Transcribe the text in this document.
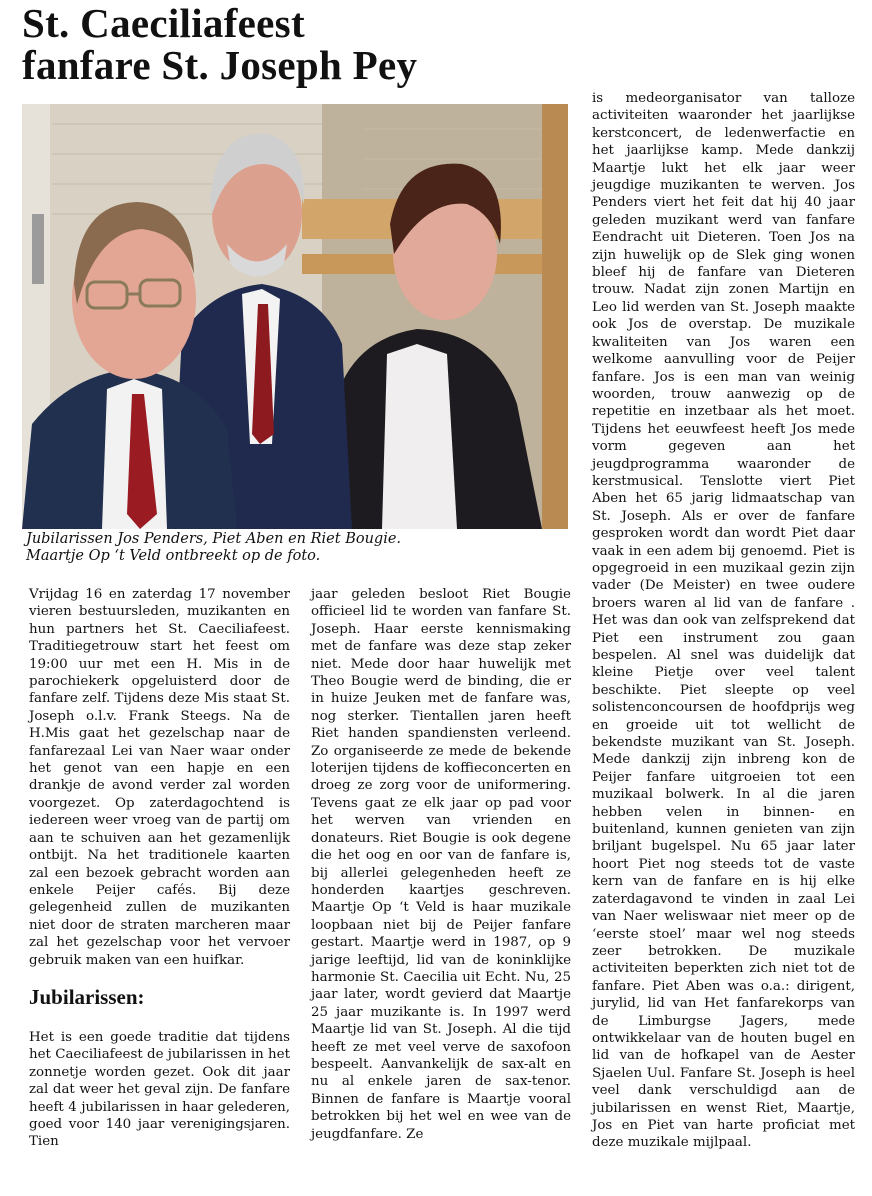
St. Caeciliafeest
fanfare St. Joseph Pey
Jubilarissen Jos Penders, Piet Aben en Riet Bougie.
Maartje Op ‘t Veld ontbreekt op de foto.

Vrijdag 16 en zaterdag 17 november vieren bestuursleden, muzikanten en hun partners het St. Caeciliafeest. Traditiegetrouw start het feest om 19:00 uur met een H. Mis in de parochiekerk opgeluisterd door de fanfare zelf. Tijdens deze Mis staat St. Joseph o.l.v. Frank Steegs. Na de H.Mis gaat het gezelschap naar de fanfarezaal Lei van Naer waar onder het genot van een hapje en een drankje de avond verder zal worden voorgezet. Op zaterdagochtend is iedereen weer vroeg van de partij om aan te schuiven aan het gezamenlijk ontbijt. Na het traditionele kaarten zal een bezoek gebracht worden aan enkele Peijer cafés. Bij deze gelegenheid zullen de muzikanten niet door de straten marcheren maar zal het gezelschap voor het vervoer gebruik maken van een huifkar.

Jubilarissen:

Het is een goede traditie dat tijdens het Caeciliafeest de jubilarissen in het zonnetje worden gezet. Ook dit jaar zal dat weer het geval zijn. De fanfare heeft 4 jubilarissen in haar gelederen, goed voor 140 jaar verenigingsjaren. Tien

jaar geleden besloot Riet Bougie officieel lid te worden van fanfare St. Joseph. Haar eerste kennismaking met de fanfare was deze stap zeker niet. Mede door haar huwelijk met Theo Bougie werd de binding, die er in huize Jeuken met de fanfare was, nog sterker. Tientallen jaren heeft Riet handen spandiensten verleend. Zo organiseerde ze mede de bekende loterijen tijdens de koffieconcerten en droeg ze zorg voor de uniformering. Tevens gaat ze elk jaar op pad voor het werven van vrienden en donateurs. Riet Bougie is ook degene die het oog en oor van de fanfare is, bij allerlei gelegenheden heeft ze honderden kaartjes geschreven. Maartje Op ‘t Veld is haar muzikale loopbaan niet bij de Peijer fanfare gestart. Maartje werd in 1987, op 9 jarige leeftijd, lid van de koninklijke harmonie St. Caecilia uit Echt. Nu, 25 jaar later, wordt gevierd dat Maartje 25 jaar muzikante is. In 1997 werd Maartje lid van St. Joseph. Al die tijd heeft ze met veel verve de saxofoon bespeelt. Aanvankelijk de sax-alt en nu al enkele jaren de sax-tenor. Binnen de fanfare is Maartje vooral betrokken bij het wel en wee van de jeugdfanfare. Ze

is medeorganisator van talloze activiteiten waaronder het jaarlijkse kerstconcert, de ledenwerfactie en het jaarlijkse kamp. Mede dankzij Maartje lukt het elk jaar weer jeugdige muzikanten te werven. Jos Penders viert het feit dat hij 40 jaar geleden muzikant werd van fanfare Eendracht uit Dieteren. Toen Jos na zijn huwelijk op de Slek ging wonen bleef hij de fanfare van Dieteren trouw. Nadat zijn zonen Martijn en Leo lid werden van St. Joseph maakte ook Jos de overstap. De muzikale kwaliteiten van Jos waren een welkome aanvulling voor de Peijer fanfare. Jos is een man van weinig woorden, trouw aanwezig op de repetitie en inzetbaar als het moet. Tijdens het eeuwfeest heeft Jos mede vorm gegeven aan het jeugdprogramma waaronder de kerstmusical. Tenslotte viert Piet Aben het 65 jarig lidmaatschap van St. Joseph. Als er over de fanfare gesproken wordt dan wordt Piet daar vaak in een adem bij genoemd. Piet is opgegroeid in een muzikaal gezin zijn vader (De Meister) en twee oudere broers waren al lid van de fanfare . Het was dan ook van zelfsprekend dat Piet een instrument zou gaan bespelen. Al snel was duidelijk dat kleine Pietje over veel talent beschikte. Piet sleepte op veel solistenconcoursen de hoofdprijs weg en groeide uit tot wellicht de bekendste muzikant van St. Joseph. Mede dankzij zijn inbreng kon de Peijer fanfare uitgroeien tot een muzikaal bolwerk. In al die jaren hebben velen in binnen- en buitenland, kunnen genieten van zijn briljant bugelspel. Nu 65 jaar later hoort Piet nog steeds tot de vaste kern van de fanfare en is hij elke zaterdagavond te vinden in zaal Lei van Naer weliswaar niet meer op de ‘eerste stoel’ maar wel nog steeds zeer betrokken. De muzikale activiteiten beperkten zich niet tot de fanfare. Piet Aben was o.a.: dirigent, jurylid, lid van Het fanfarekorps van de Limburgse Jagers, mede ontwikkelaar van de houten bugel en lid van de hofkapel van de Aester Sjaelen Uul. Fanfare St. Joseph is heel veel dank verschuldigd aan de jubilarissen en wenst Riet, Maartje, Jos en Piet van harte proficiat met deze muzikale mijlpaal.
